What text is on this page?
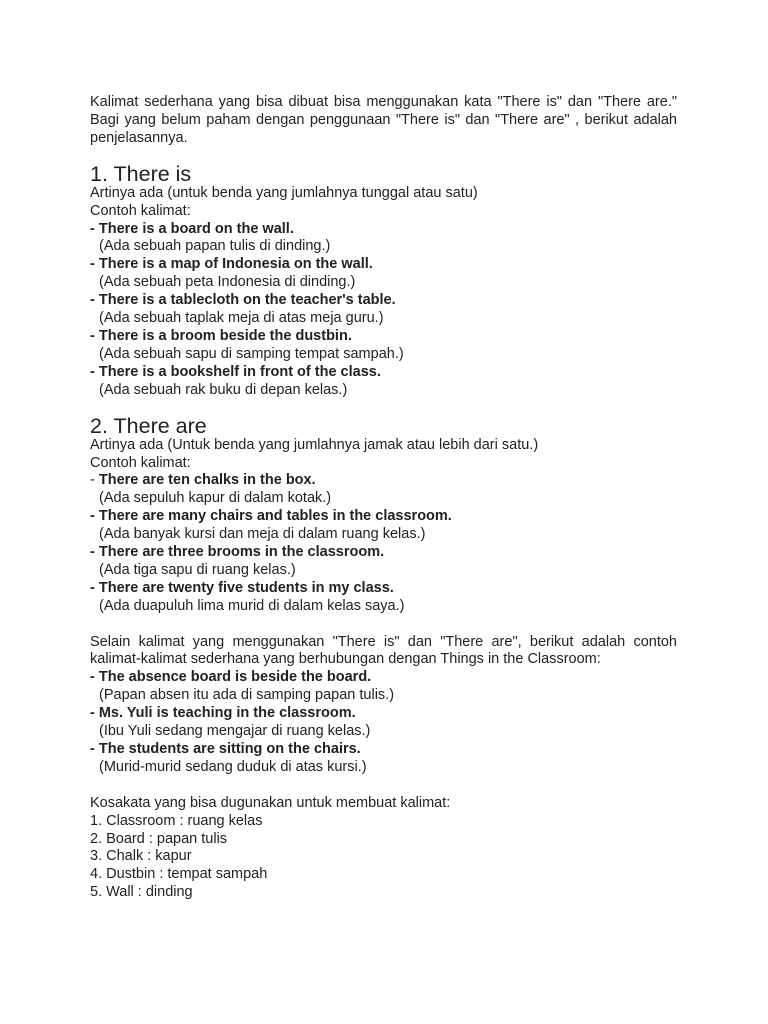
Kalimat sederhana yang bisa dibuat bisa menggunakan kata "There is" dan "There are." Bagi yang belum paham dengan penggunaan "There is" dan "There are" , berikut adalah penjelasannya.

1. There is
Artinya ada (untuk benda yang jumlahnya tunggal atau satu)
Contoh kalimat:
- There is a board on the wall.
(Ada sebuah papan tulis di dinding.)
- There is a map of Indonesia on the wall.
(Ada sebuah peta Indonesia di dinding.)
- There is a tablecloth on the teacher's table.
(Ada sebuah taplak meja di atas meja guru.)
- There is a broom beside the dustbin.
(Ada sebuah sapu di samping tempat sampah.)
- There is a bookshelf in front of the class.
(Ada sebuah rak buku di depan kelas.)
2. There are
Artinya ada (Untuk benda yang jumlahnya jamak atau lebih dari satu.)
Contoh kalimat:
- There are ten chalks in the box.
(Ada sepuluh kapur di dalam kotak.)
- There are many chairs and tables in the classroom.
(Ada banyak kursi dan meja di dalam ruang kelas.)
- There are three brooms in the classroom.
(Ada tiga sapu di ruang kelas.)
- There are twenty five students in my class.
(Ada duapuluh lima murid di dalam kelas saya.)

Selain kalimat yang menggunakan "There is" dan "There are", berikut adalah contoh kalimat-kalimat sederhana yang berhubungan dengan Things in the Classroom:

- The absence board is beside the board.
(Papan absen itu ada di samping papan tulis.)
- Ms. Yuli is teaching in the classroom.
(Ibu Yuli sedang mengajar di ruang kelas.)
- The students are sitting on the chairs.
(Murid-murid sedang duduk di atas kursi.)
Kosakata yang bisa dugunakan untuk membuat kalimat:
1. Classroom : ruang kelas
2. Board : papan tulis
3. Chalk : kapur
4. Dustbin : tempat sampah
5. Wall : dinding
